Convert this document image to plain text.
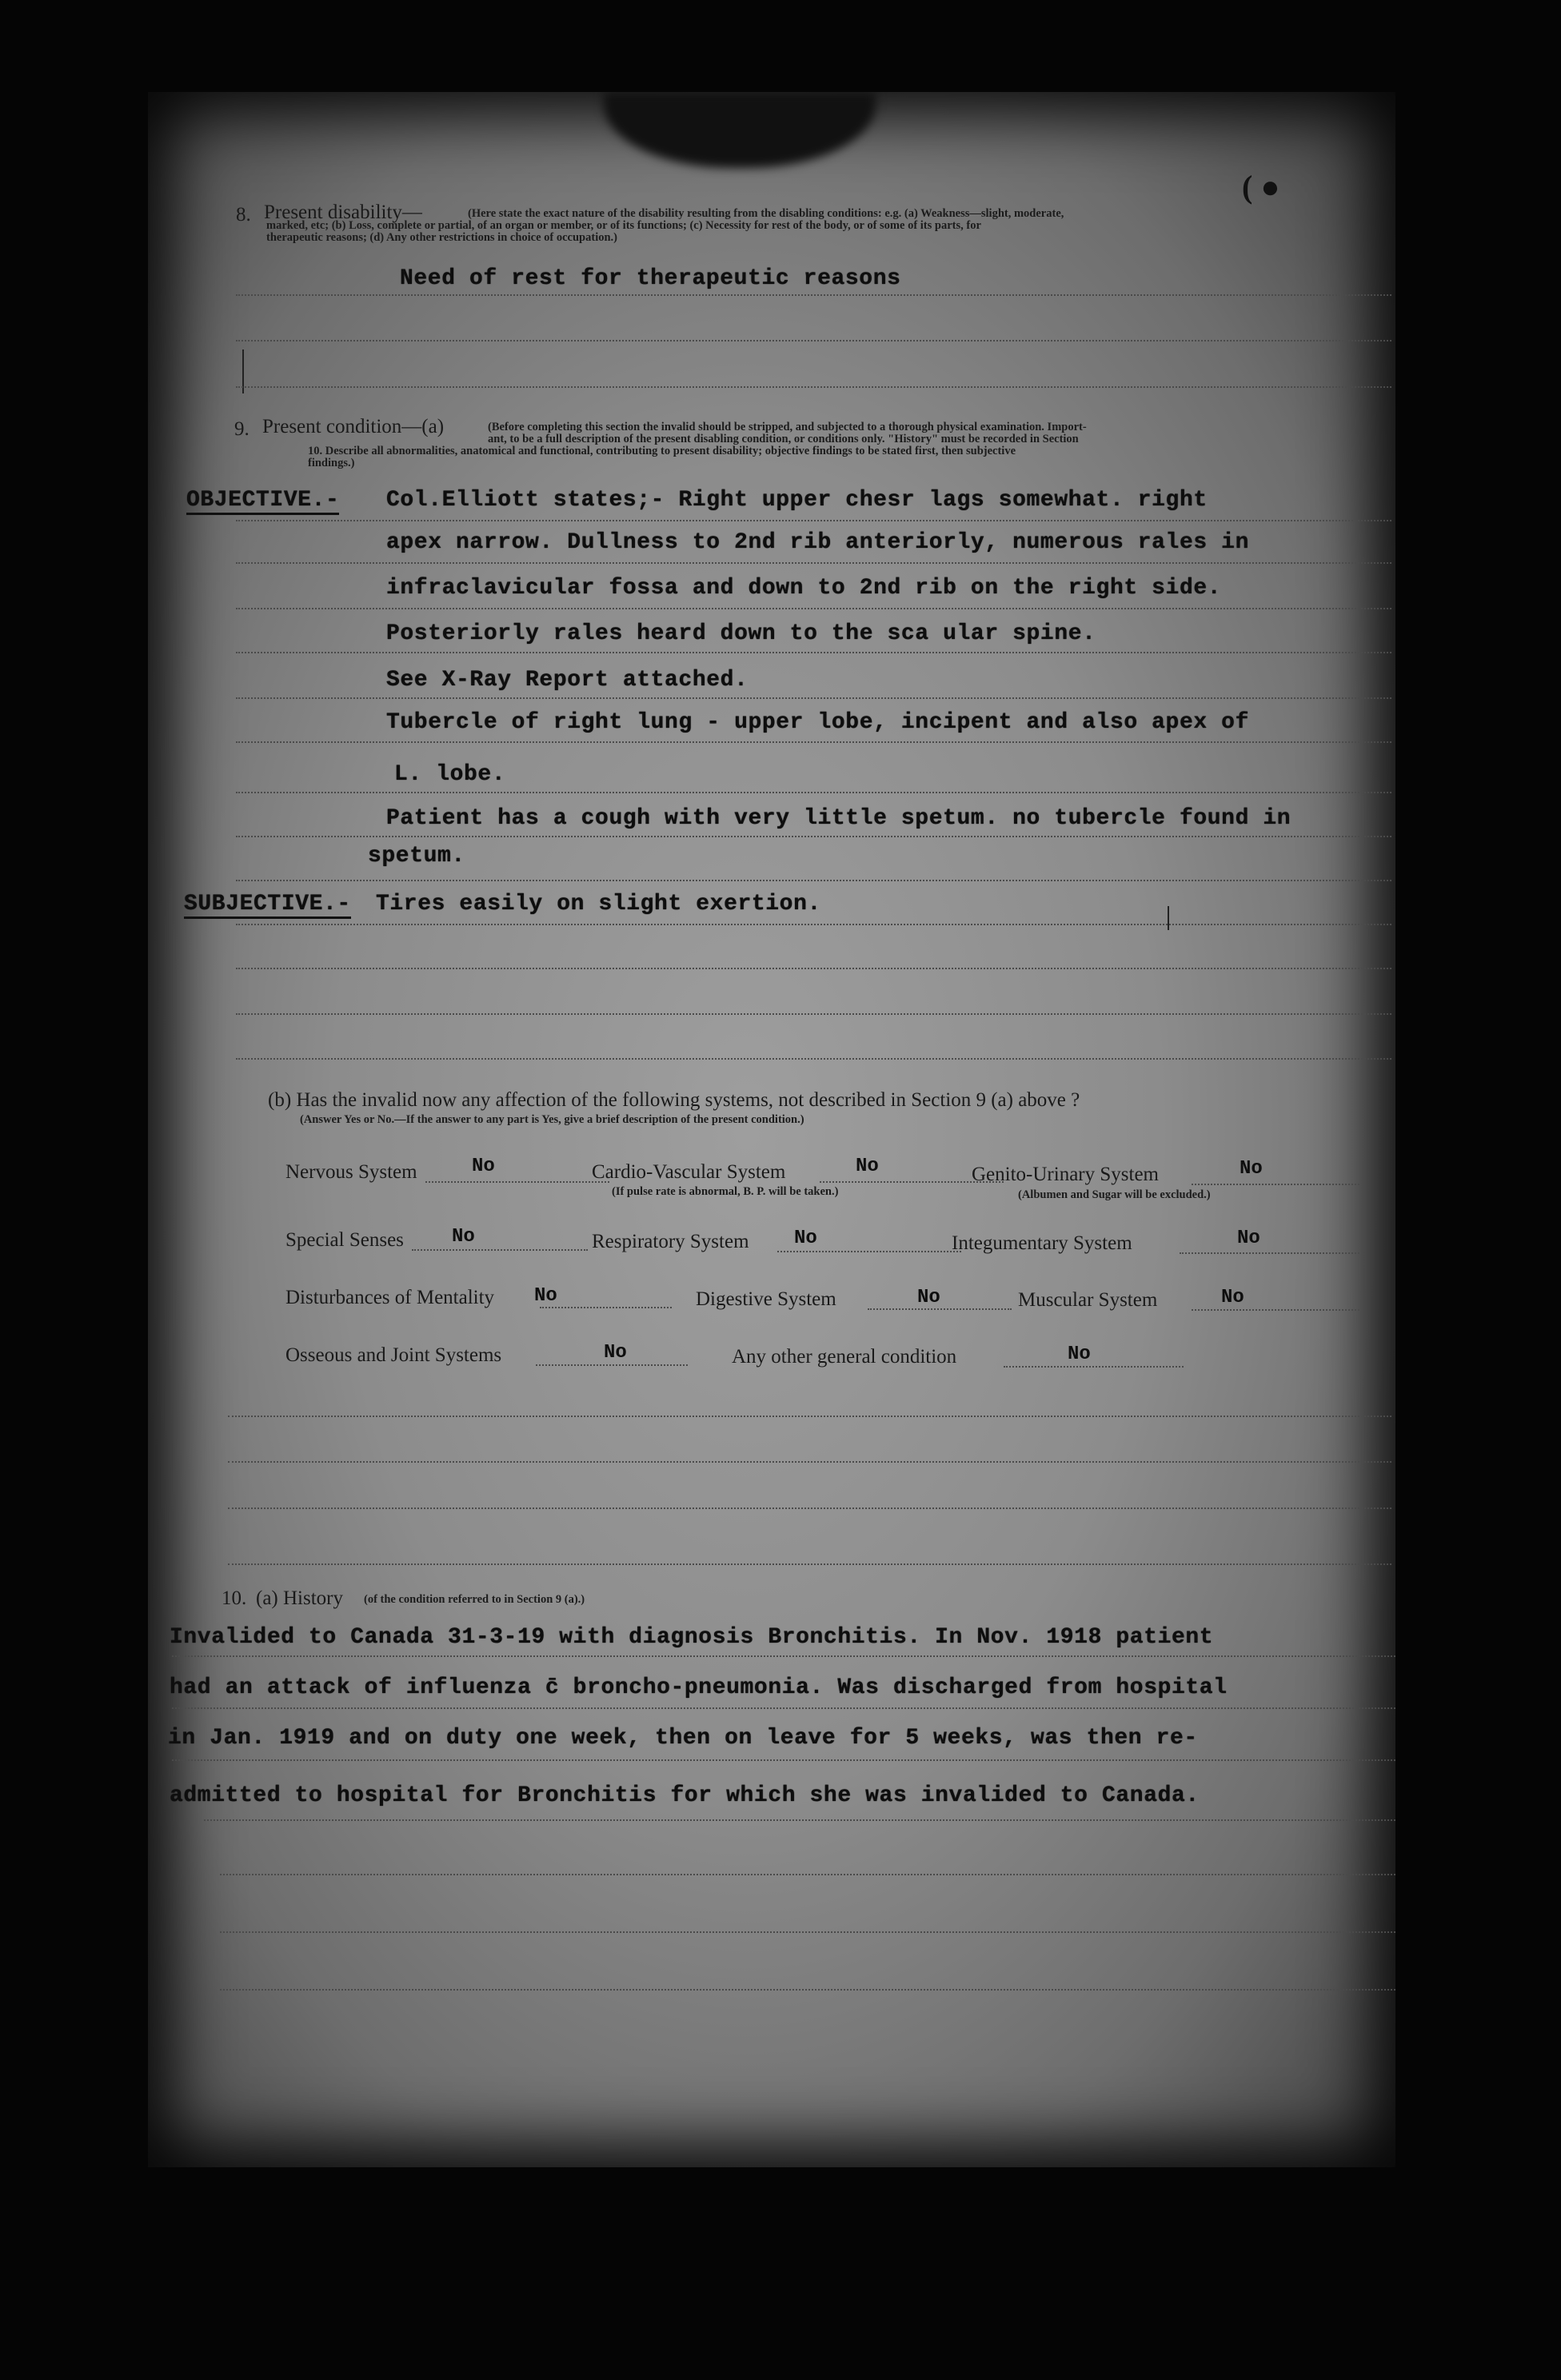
( ●
8. Present disability—	(Here state the exact nature of the disability resulting from the disabling conditions: e.g. (a) Weakness—slight, moderate,
marked, etc; (b) Loss, complete or partial, of an organ or member, or of its functions; (c) Necessity for rest of the body, or of some of its parts, for
therapeutic reasons; (d) Any other restrictions in choice of occupation.)
Need of rest for therapeutic reasons
9. Present condition—(a)	(Before completing this section the invalid should be stripped, and subjected to a thorough physical examination. Import-
ant, to be a full description of the present disabling condition, or conditions only. "History" must be recorded in Section
10. Describe all abnormalities, anatomical and functional, contributing to present disability; objective findings to be stated first, then subjective
findings.)
OBJECTIVE.- Col.Elliott states;- Right upper chesr lags somewhat. right
apex narrow. Dullness to 2nd rib anteriorly, numerous rales in
infraclavicular fossa and down to 2nd rib on the right side.
Posteriorly rales heard down to the sca ular spine.
See X-Ray Report attached.
Tubercle of right lung - upper lobe, incipent and also apex of
L. lobe.
Patient has a cough with very little spetum. no tubercle found in
spetum.
SUBJECTIVE.- Tires easily on slight exertion.
(b) Has the invalid now any affection of the following systems, not described in Section 9 (a) above ?
(Answer Yes or No.—If the answer to any part is Yes, give a brief description of the present condition.)
Nervous System	No	Cardio-Vascular System	No
(If pulse rate is abnormal, B. P. will be taken.)
Genito-Urinary System	No
(Albumen and Sugar will be excluded.)
Special Senses	No	Respiratory System No	Integumentary System	No
Disturbances of Mentality No	Digestive System	No	Muscular System	No
Osseous and Joint Systems	No	Any other general condition	No
10. (a) History (of the condition referred to in Section 9 (a).)
Invalided to Canada 31-3-19 with diagnosis Bronchitis. In Nov. 1918 patient
had an attack of influenza c̄ broncho-pneumonia. Was discharged from hospital
in Jan. 1919 and on duty one week, then on leave for 5 weeks, was then re-
admitted to hospital for Bronchitis for which she was invalided to Canada.
